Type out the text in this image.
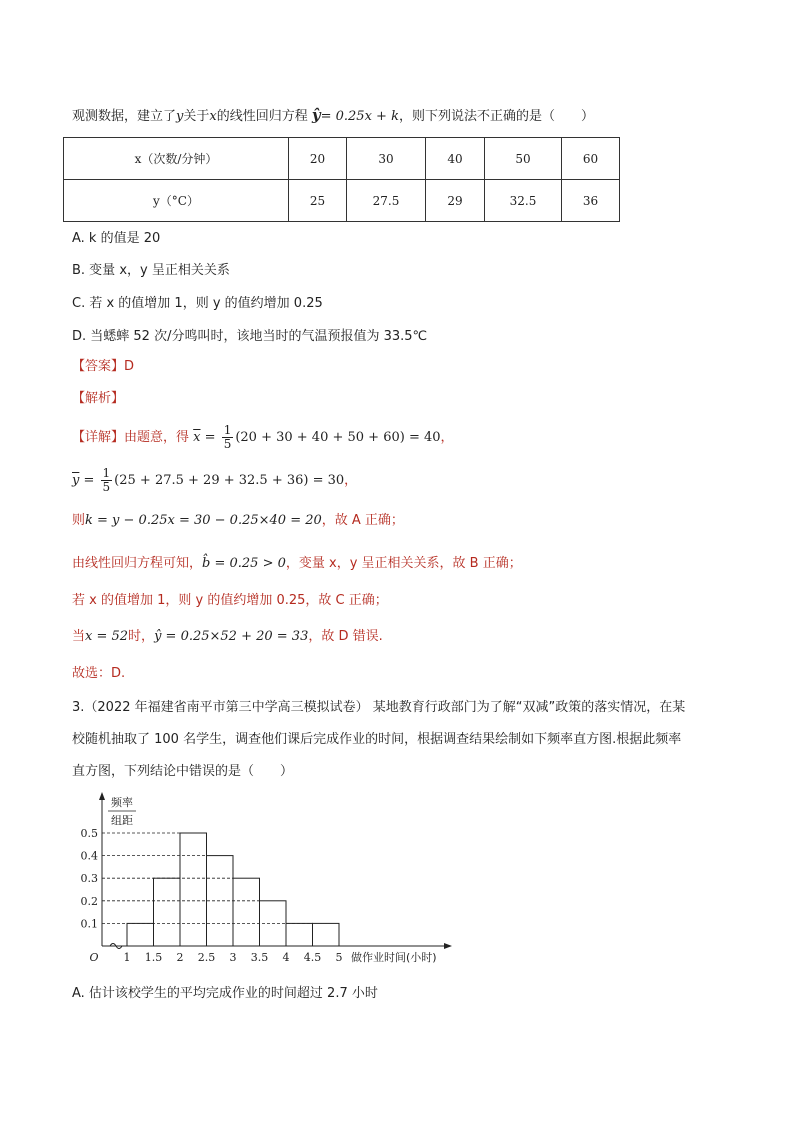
观测数据，建立了y关于x的线性回归方程 ŷ= 0.25x + k，则下列说法不正确的是（　　）
x（次数/分钟）	20	30	40	50	60
y（°C）	25	27.5	29	32.5	36
A. k 的值是 20
B. 变量 x，y 呈正相关关系
C. 若 x 的值增加 1，则 y 的值约增加 0.25
D. 当蟋蟀 52 次/分鸣叫时，该地当时的气温预报值为 33.5℃
【答案】D
【解析】
【详解】由题意，得 $\overline{x} = \frac{1}{5} (20 + 30 + 40 + 50 + 60) = 40$，
$\overline{y} = \frac{1}{5} (25 + 27.5 + 29 + 32.5 + 36) = 30$，
则k = y − 0.25x = 30 − 0.25×40 = 20，故 A 正确；
由线性回归方程可知，b̂ = 0.25 > 0，变量 x，y 呈正相关关系，故 B 正确；
若 x 的值增加 1，则 y 的值约增加 0.25，故 C 正确；
当x = 52时，ŷ = 0.25×52 + 20 = 33，故 D 错误.
故选：D.
3.（2022 年福建省南平市第三中学高三模拟试卷） 某地教育行政部门为了解“双减”政策的落实情况，在某
校随机抽取了 100 名学生，调查他们课后完成作业的时间，根据调查结果绘制如下频率直方图.根据此频率
直方图，下列结论中错误的是（　　）
0.1
0.2
0.3
0.4
0.5
1 1.5 2 2.5 3 3.5 4 4.5 5
O
频率
组距
做作业时间(小时)
A. 估计该校学生的平均完成作业的时间超过 2.7 小时
